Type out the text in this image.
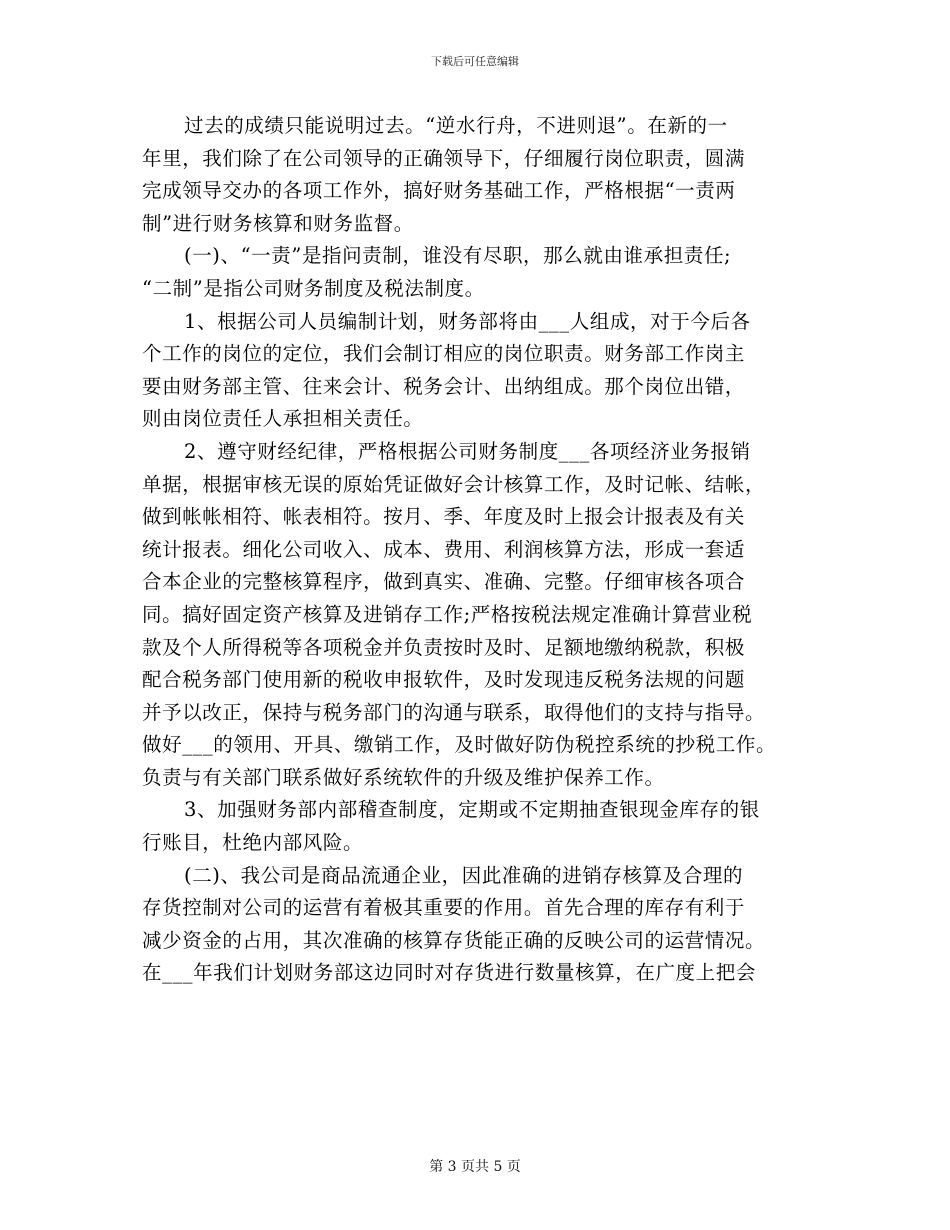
下载后可任意编辑
过去的成绩只能说明过去。“逆水行舟，不进则退”。在新的一
年里，我们除了在公司领导的正确领导下，仔细履行岗位职责，圆满
完成领导交办的各项工作外，搞好财务基础工作，严格根据“一责两
制”进行财务核算和财务监督。
(一)、“一责”是指问责制，谁没有尽职，那么就由谁承担责任;
“二制”是指公司财务制度及税法制度。
1、根据公司人员编制计划，财务部将由___人组成，对于今后各
个工作的岗位的定位，我们会制订相应的岗位职责。财务部工作岗主
要由财务部主管、往来会计、税务会计、出纳组成。那个岗位出错，
则由岗位责任人承担相关责任。
2、遵守财经纪律，严格根据公司财务制度___各项经济业务报销
单据，根据审核无误的原始凭证做好会计核算工作，及时记帐、结帐，
做到帐帐相符、帐表相符。按月、季、年度及时上报会计报表及有关
统计报表。细化公司收入、成本、费用、利润核算方法，形成一套适
合本企业的完整核算程序，做到真实、准确、完整。仔细审核各项合
同。搞好固定资产核算及进销存工作;严格按税法规定准确计算营业税
款及个人所得税等各项税金并负责按时及时、足额地缴纳税款，积极
配合税务部门使用新的税收申报软件，及时发现违反税务法规的问题
并予以改正，保持与税务部门的沟通与联系，取得他们的支持与指导。
做好___的领用、开具、缴销工作，及时做好防伪税控系统的抄税工作。
负责与有关部门联系做好系统软件的升级及维护保养工作。
3、加强财务部内部稽查制度，定期或不定期抽查银现金库存的银
行账目，杜绝内部风险。
(二)、我公司是商品流通企业，因此准确的进销存核算及合理的
存货控制对公司的运营有着极其重要的作用。首先合理的库存有利于
减少资金的占用，其次准确的核算存货能正确的反映公司的运营情况。
在___年我们计划财务部这边同时对存货进行数量核算，在广度上把会
第 3 页共 5 页
